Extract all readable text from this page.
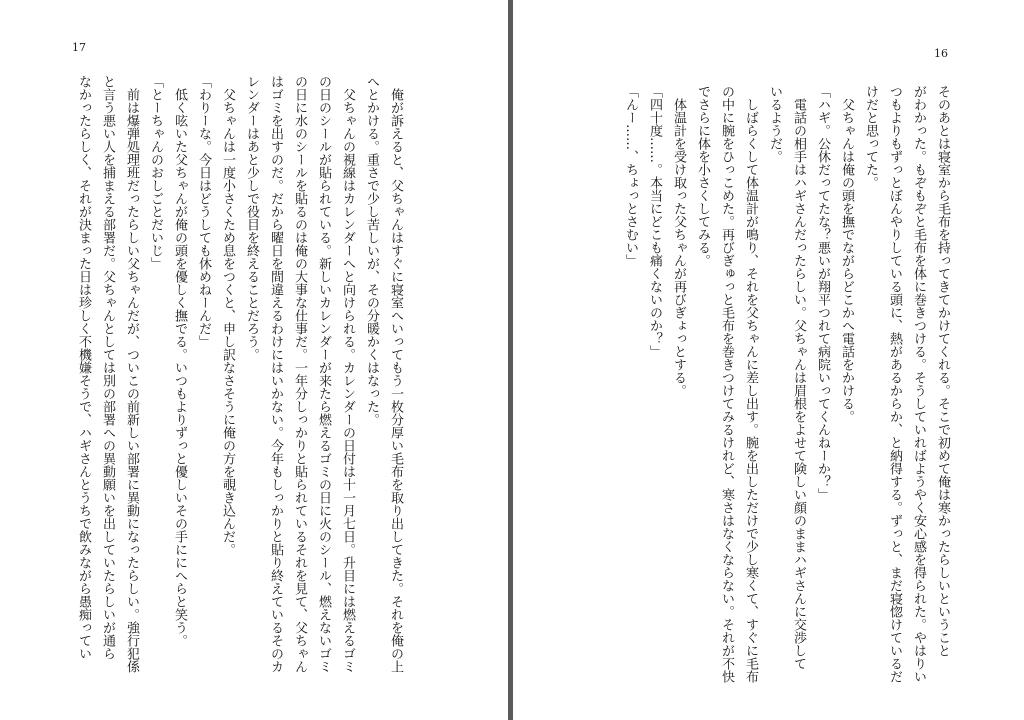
17

　俺が訴えると、父ちゃんはすぐに寝室へいってもう一枚分厚い毛布を取り出してきた。それを俺の上

へとかける。重さで少し苦しいが、その分暖かくはなった。

　父ちゃんの視線はカレンダーへと向けられる。カレンダーの日付は十一月七日。升目には燃えるゴミ

の日のシールが貼られている。新しいカレンダーが来たら燃えるゴミの日に火のシール、燃えないゴミ

の日に水のシールを貼るのは俺の大事な仕事だ。一年分しっかりと貼られているそれを見て、父ちゃん

はゴミを出すのだ。だから曜日を間違えるわけにはいかない。今年もしっかりと貼り終えているそのカ

レンダーはあと少しで役目を終えることだろう。

　父ちゃんは一度小さくため息をつくと、申し訳なさそうに俺の方を覗き込んだ。

「わりーな。今日はどうしても休めねーんだ」

　低く呟いた父ちゃんが俺の頭を優しく撫でる。いつもよりずっと優しいその手ににへらと笑う。

「とーちゃんのおしごとだいじ」

　前は爆弾処理班だったらしい父ちゃんだが、ついこの前新しい部署に異動になったらしい。強行犯係

と言う悪い人を捕まえる部署だ。父ちゃんとしては別の部署への異動願いを出していたらしいが通ら

なかったらしく、それが決まった日は珍しく不機嫌そうで、ハギさんとうちで飲みながら愚痴ってい

16

そのあとは寝室から毛布を持ってきてかけてくれる。そこで初めて俺は寒かったらしいということ

がわかった。もぞもぞと毛布を体に巻きつける。そうしていればようやく安心感を得られた。やはりい

つもよりもずっとぼんやりしている頭に、熱があるからか、と納得する。ずっと、まだ寝惚けているだ

けだと思ってた。

　父ちゃんは俺の頭を撫でながらどこかへ電話をかける。

「ハギ。公休だってたな？悪いが翔平つれて病院いってくんねーか？」

　電話の相手はハギさんだったらしい。父ちゃんは眉根をよせて険しい顔のままハギさんに交渉して

いるようだ。

　しばらくして体温計が鳴り、それを父ちゃんに差し出す。腕を出しただけで少し寒くて、すぐに毛布

の中に腕をひっこめた。再びぎゅっと毛布を巻きつけてみるけれど、寒さはなくならない。それが不快

でさらに体を小さくしてみる。

　体温計を受け取った父ちゃんが再びぎょっとする。

「四十度……。本当にどこも痛くないのか？」

「んー……、ちょっとさむい」
